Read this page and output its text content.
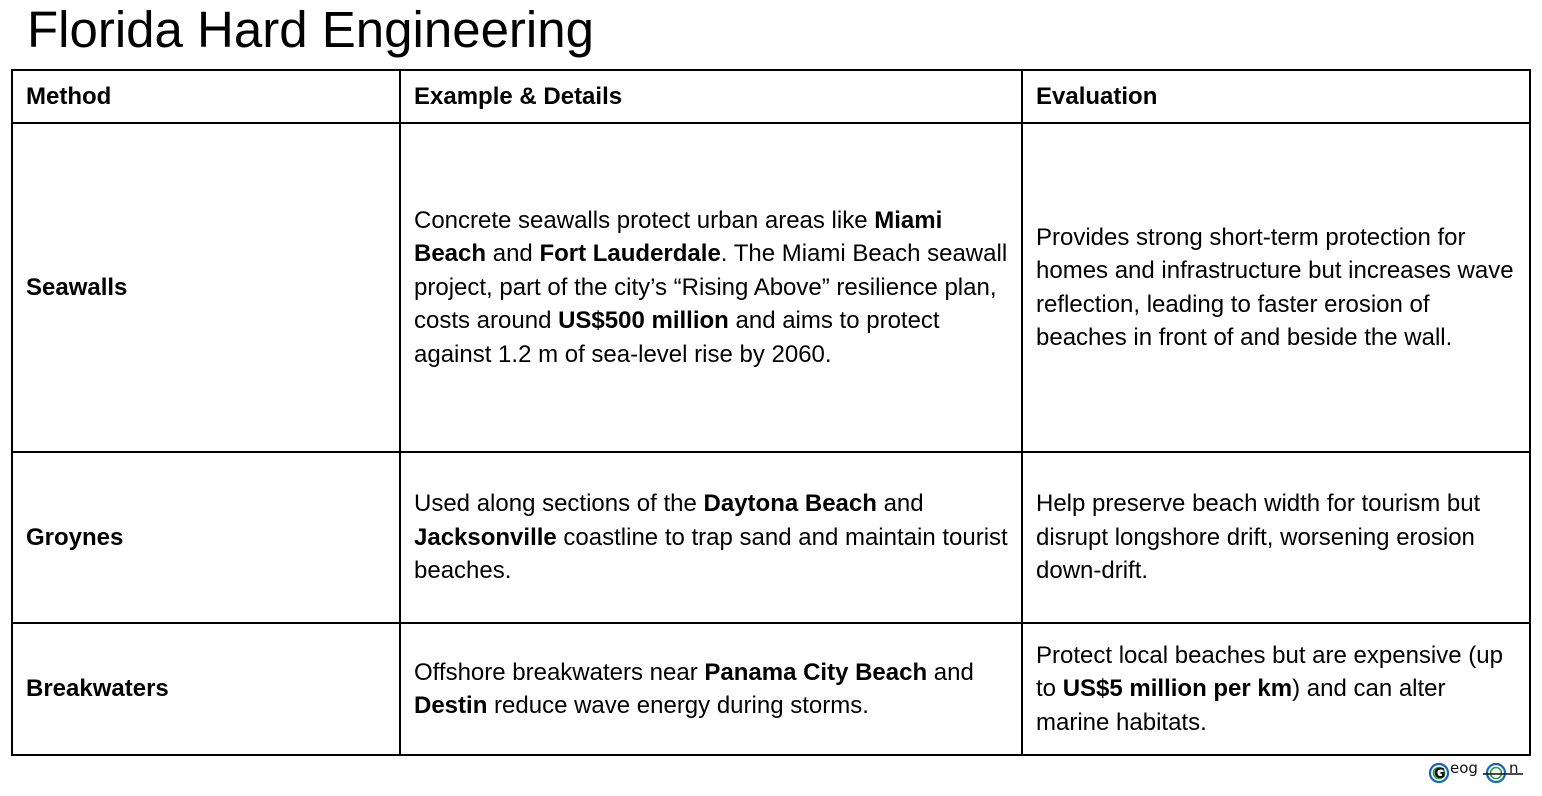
Florida Hard Engineering
Method	Example & Details	Evaluation
Seawalls	Concrete seawalls protect urban areas like Miami Beach and Fort Lauderdale. The Miami Beach seawall project, part of the city’s “Rising Above” resilience plan, costs around US$500 million and aims to protect against 1.2 m of sea-level rise by 2060.	Provides strong short-term protection for homes and infrastructure but increases wave reflection, leading to faster erosion of beaches in front of and beside the wall.
Groynes	Used along sections of the Daytona Beach and Jacksonville coastline to trap sand and maintain tourist beaches.	Help preserve beach width for tourism but disrupt longshore drift, worsening erosion down-drift.
Breakwaters	Offshore breakwaters near Panama City Beach and Destin reduce wave energy during storms.	Protect local beaches but are expensive (up to US$5 million per km) and can alter marine habitats.
G eog n
